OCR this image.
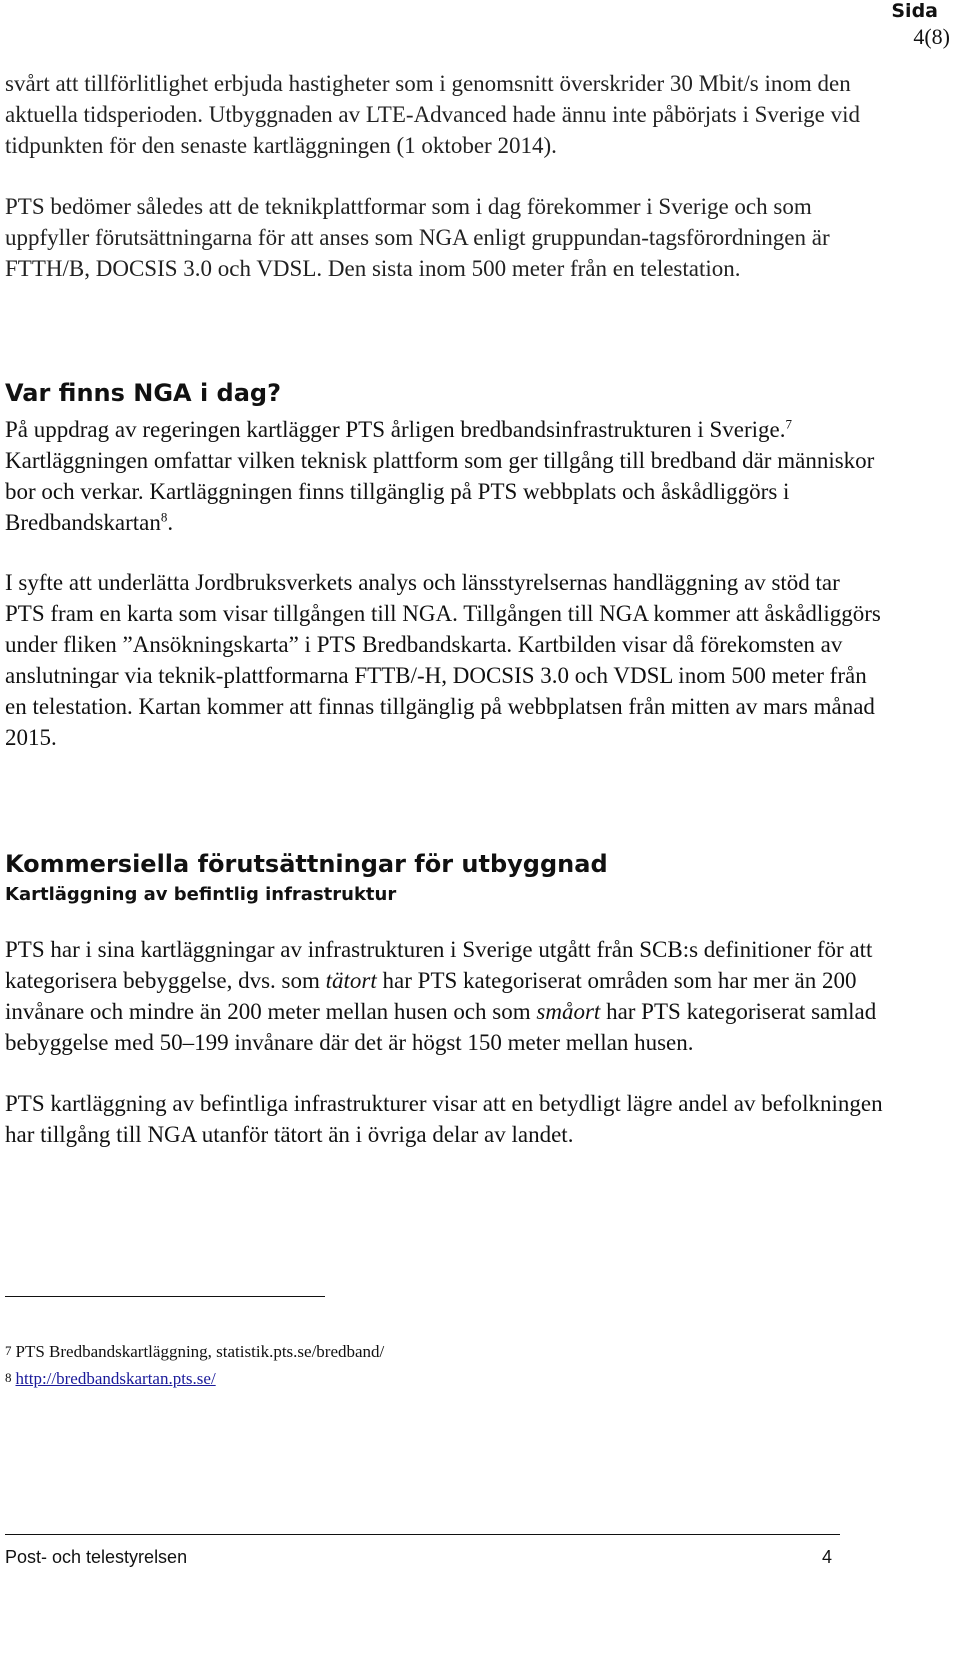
Sida
4(8)

svårt att tillförlitlighet erbjuda hastigheter som i genomsnitt överskrider 30 Mbit/s inom den aktuella tidsperioden. Utbyggnaden av LTE-Advanced hade ännu inte påbörjats i Sverige vid tidpunkten för den senaste kartläggningen (1 oktober 2014).

PTS bedömer således att de teknikplattformar som i dag förekommer i Sverige och som uppfyller förutsättningarna för att anses som NGA enligt gruppundan-tagsförordningen är FTTH/B, DOCSIS 3.0 och VDSL. Den sista inom 500 meter från en telestation.

Var finns NGA i dag?

På uppdrag av regeringen kartlägger PTS årligen bredbandsinfrastrukturen i Sverige.$^7$ Kartläggningen omfattar vilken teknisk plattform som ger tillgång till bredband där människor bor och verkar. Kartläggningen finns tillgänglig på PTS webbplats och åskådliggörs i Bredbandskartan$^8$.

I syfte att underlätta Jordbruksverkets analys och länsstyrelsernas handläggning av stöd tar PTS fram en karta som visar tillgången till NGA. Tillgången till NGA kommer att åskådliggörs under fliken ”Ansökningskarta” i PTS Bredbandskarta. Kartbilden visar då förekomsten av anslutningar via teknik-plattformarna FTTB/-H, DOCSIS 3.0 och VDSL inom 500 meter från en telestation. Kartan kommer att finnas tillgänglig på webbplatsen från mitten av mars månad 2015.

Kommersiella förutsättningar för utbyggnad
Kartläggning av befintlig infrastruktur

PTS har i sina kartläggningar av infrastrukturen i Sverige utgått från SCB:s definitioner för att kategorisera bebyggelse, dvs. som tätort har PTS kategoriserat områden som har mer än 200 invånare och mindre än 200 meter mellan husen och som småort har PTS kategoriserat samlad bebyggelse med 50–199 invånare där det är högst 150 meter mellan husen.

PTS kartläggning av befintliga infrastrukturer visar att en betydligt lägre andel av befolkningen har tillgång till NGA utanför tätort än i övriga delar av landet.

7 PTS Bredbandskartläggning, statistik.pts.se/bredband/
8 http://bredbandskartan.pts.se/
Post- och telestyrelsen	4
